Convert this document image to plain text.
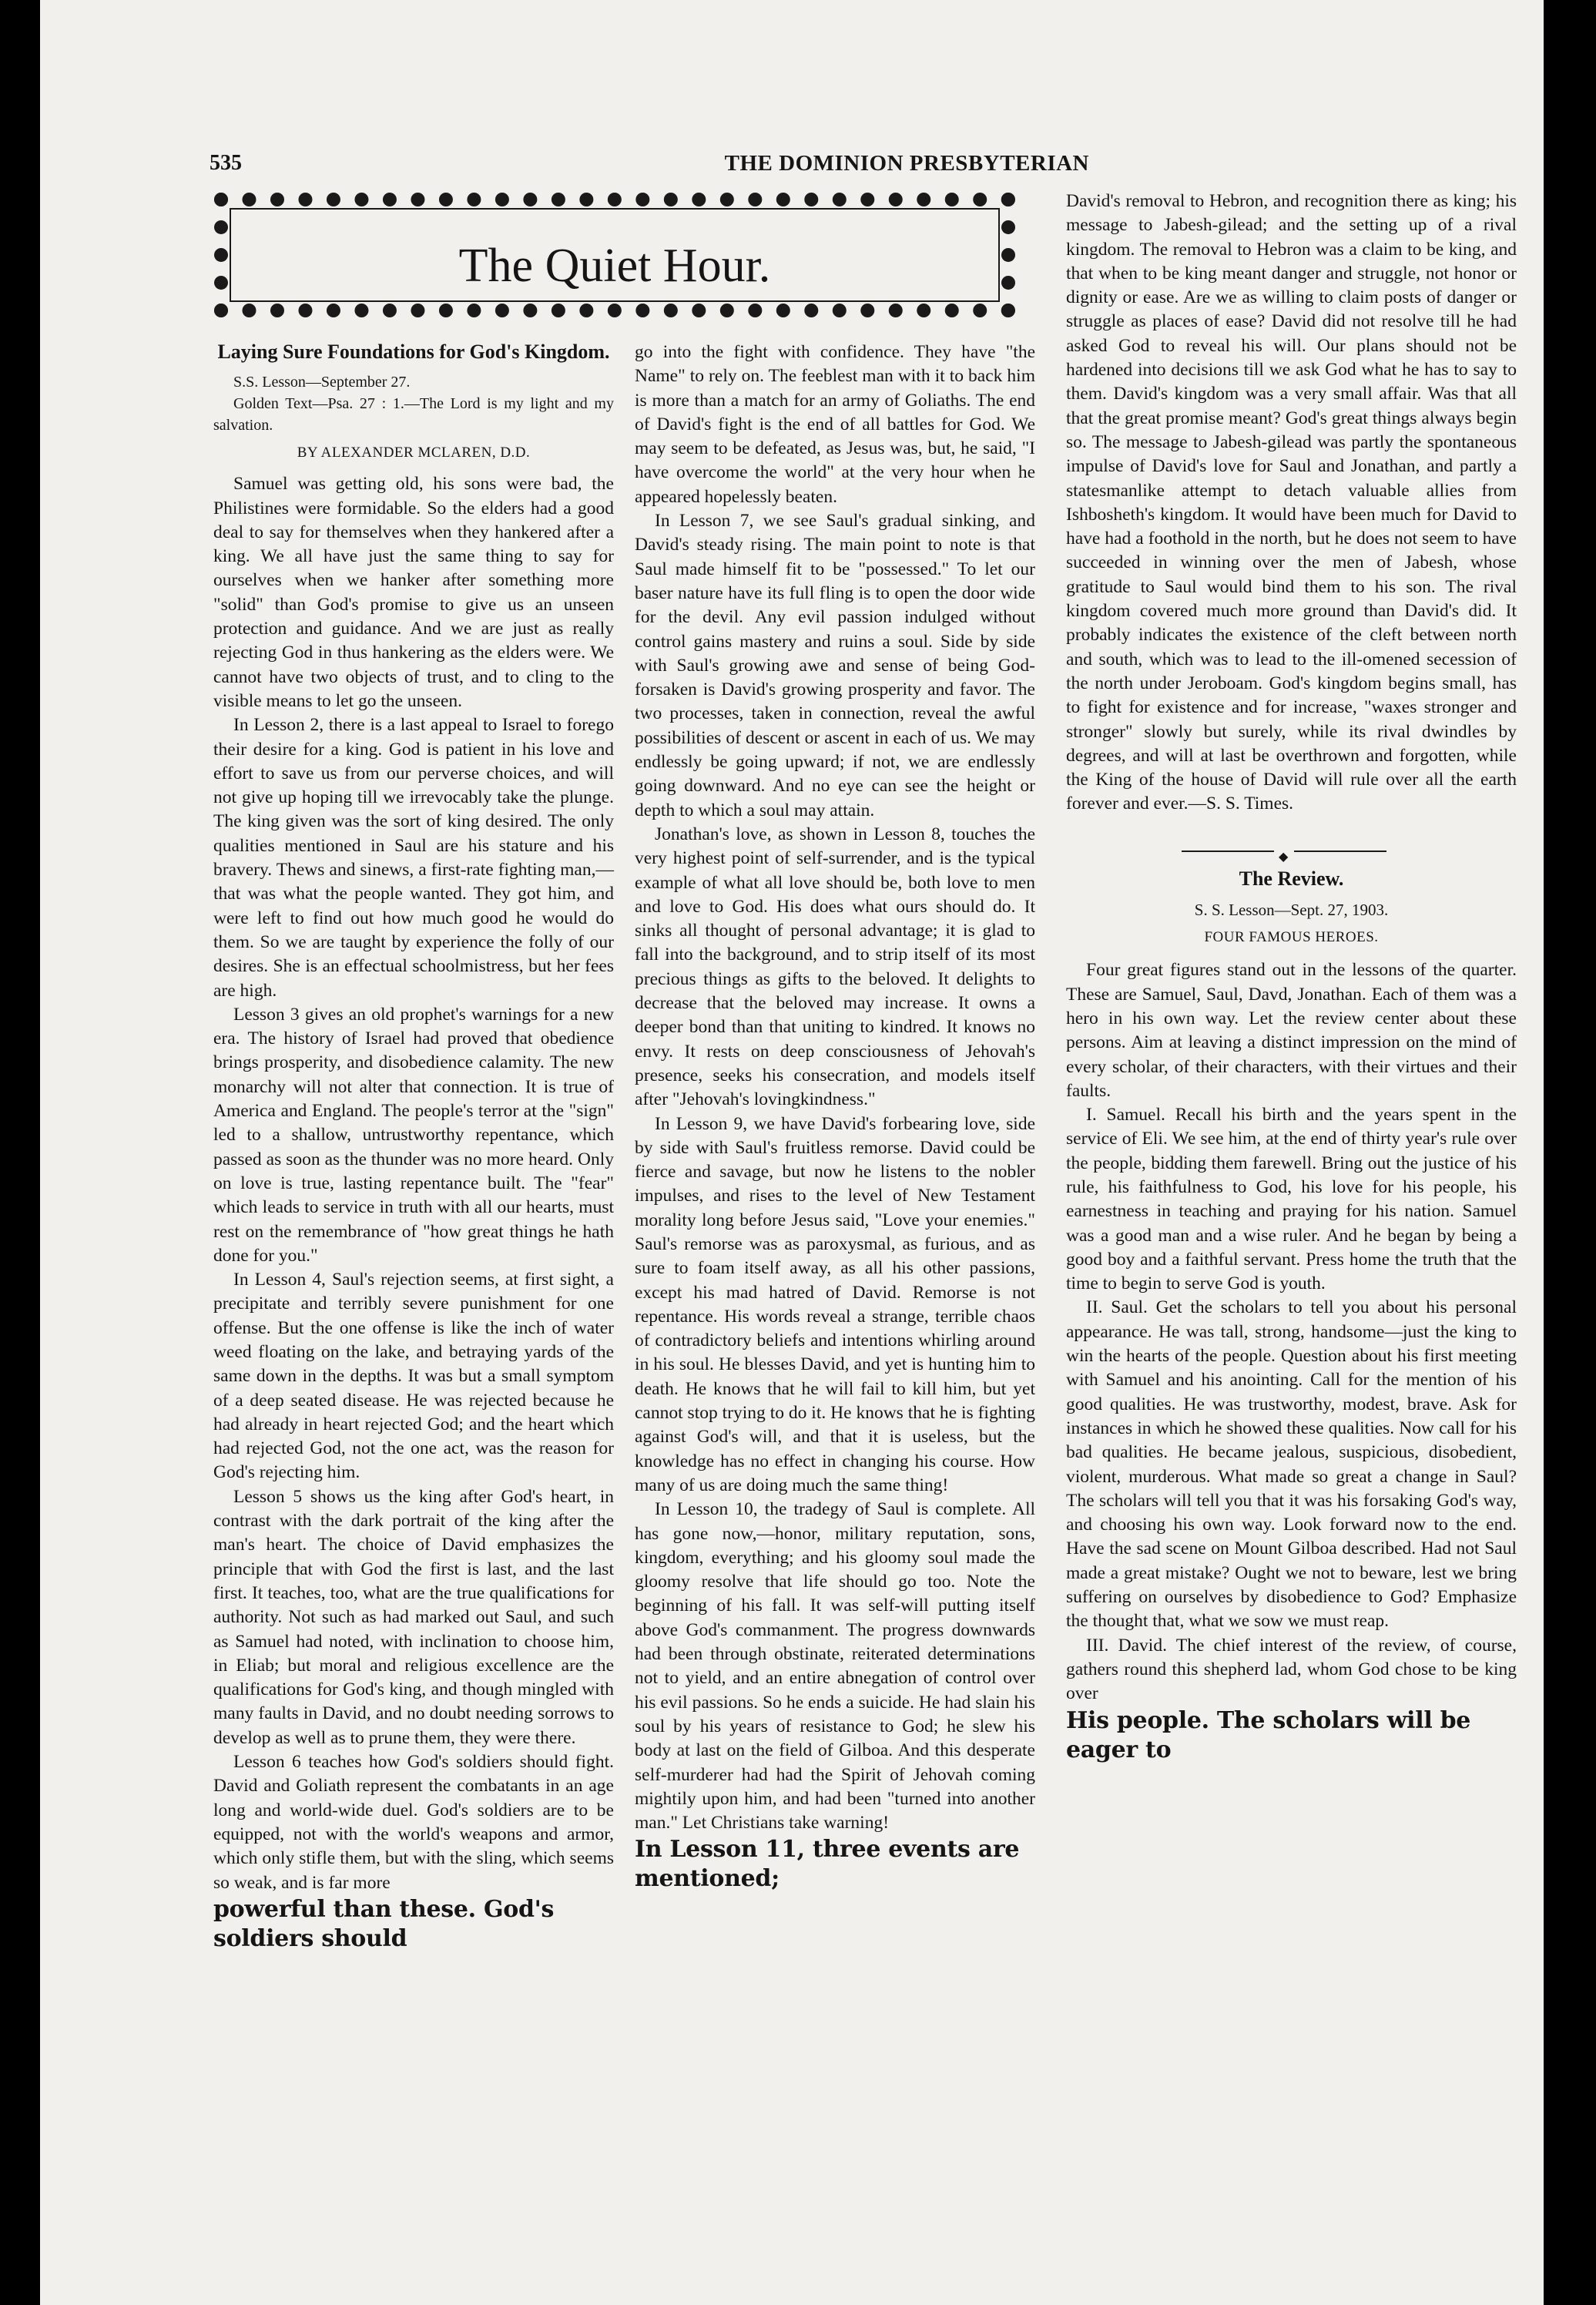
535	THE DOMINION PRESBYTERIAN
The Quiet Hour.
Laying Sure Foundations for God's Kingdom.

S.S. Lesson—September 27.

Golden Text—Psa. 27 : 1.—The Lord is my light and my salvation.

BY ALEXANDER MCLAREN, D.D.

Samuel was getting old, his sons were bad, the Philistines were formidable. So the elders had a good deal to say for themselves when they hankered after a king. We all have just the same thing to say for ourselves when we hanker after something more "solid" than God's promise to give us an unseen protection and guidance. And we are just as really rejecting God in thus hankering as the elders were. We cannot have two objects of trust, and to cling to the visible means to let go the unseen.

In Lesson 2, there is a last appeal to Israel to forego their desire for a king. God is patient in his love and effort to save us from our perverse choices, and will not give up hoping till we irrevocably take the plunge. The king given was the sort of king desired. The only qualities mentioned in Saul are his stature and his bravery. Thews and sinews, a first-rate fighting man,—that was what the people wanted. They got him, and were left to find out how much good he would do them. So we are taught by experience the folly of our desires. She is an effectual schoolmistress, but her fees are high.

Lesson 3 gives an old prophet's warnings for a new era. The history of Israel had proved that obedience brings prosperity, and disobedience calamity. The new monarchy will not alter that connection. It is true of America and England. The people's terror at the "sign" led to a shallow, untrustworthy repentance, which passed as soon as the thunder was no more heard. Only on love is true, lasting repentance built. The "fear" which leads to service in truth with all our hearts, must rest on the remembrance of "how great things he hath done for you."

In Lesson 4, Saul's rejection seems, at first sight, a precipitate and terribly severe punishment for one offense. But the one offense is like the inch of water weed floating on the lake, and betraying yards of the same down in the depths. It was but a small symptom of a deep seated disease. He was rejected because he had already in heart rejected God; and the heart which had rejected God, not the one act, was the reason for God's rejecting him.

Lesson 5 shows us the king after God's heart, in contrast with the dark portrait of the king after the man's heart. The choice of David emphasizes the principle that with God the first is last, and the last first. It teaches, too, what are the true qualifications for authority. Not such as had marked out Saul, and such as Samuel had noted, with inclination to choose him, in Eliab; but moral and religious excellence are the qualifications for God's king, and though mingled with many faults in David, and no doubt needing sorrows to develop as well as to prune them, they were there.

Lesson 6 teaches how God's soldiers should fight. David and Goliath represent the combatants in an age long and world-wide duel. God's soldiers are to be equipped, not with the world's weapons and armor, which only stifle them, but with the sling, which seems so weak, and is far more

powerful than these. God's soldiers should

go into the fight with confidence. They have "the Name" to rely on. The feeblest man with it to back him is more than a match for an army of Goliaths. The end of David's fight is the end of all battles for God. We may seem to be defeated, as Jesus was, but, he said, "I have overcome the world" at the very hour when he appeared hopelessly beaten.

In Lesson 7, we see Saul's gradual sinking, and David's steady rising. The main point to note is that Saul made himself fit to be "possessed." To let our baser nature have its full fling is to open the door wide for the devil. Any evil passion indulged without control gains mastery and ruins a soul. Side by side with Saul's growing awe and sense of being God-forsaken is David's growing prosperity and favor. The two processes, taken in connection, reveal the awful possibilities of descent or ascent in each of us. We may endlessly be going upward; if not, we are endlessly going downward. And no eye can see the height or depth to which a soul may attain.

Jonathan's love, as shown in Lesson 8, touches the very highest point of self-surrender, and is the typical example of what all love should be, both love to men and love to God. His does what ours should do. It sinks all thought of personal advantage; it is glad to fall into the background, and to strip itself of its most precious things as gifts to the beloved. It delights to decrease that the beloved may increase. It owns a deeper bond than that uniting to kindred. It knows no envy. It rests on deep consciousness of Jehovah's presence, seeks his consecration, and models itself after "Jehovah's lovingkindness."

In Lesson 9, we have David's forbearing love, side by side with Saul's fruitless remorse. David could be fierce and savage, but now he listens to the nobler impulses, and rises to the level of New Testament morality long before Jesus said, "Love your enemies." Saul's remorse was as paroxysmal, as furious, and as sure to foam itself away, as all his other passions, except his mad hatred of David. Remorse is not repentance. His words reveal a strange, terrible chaos of contradictory beliefs and intentions whirling around in his soul. He blesses David, and yet is hunting him to death. He knows that he will fail to kill him, but yet cannot stop trying to do it. He knows that he is fighting against God's will, and that it is useless, but the knowledge has no effect in changing his course. How many of us are doing much the same thing!

In Lesson 10, the tradegy of Saul is complete. All has gone now,—honor, military reputation, sons, kingdom, everything; and his gloomy soul made the gloomy resolve that life should go too. Note the beginning of his fall. It was self-will putting itself above God's commanment. The progress downwards had been through obstinate, reiterated determinations not to yield, and an entire abnegation of control over his evil passions. So he ends a suicide. He had slain his soul by his years of resistance to God; he slew his body at last on the field of Gilboa. And this desperate self-murderer had had the Spirit of Jehovah coming mightily upon him, and had been "turned into another man." Let Christians take warning!

In Lesson 11, three events are mentioned;

David's removal to Hebron, and recognition there as king; his message to Jabesh-gilead; and the setting up of a rival kingdom. The removal to Hebron was a claim to be king, and that when to be king meant danger and struggle, not honor or dignity or ease. Are we as willing to claim posts of danger or struggle as places of ease? David did not resolve till he had asked God to reveal his will. Our plans should not be hardened into decisions till we ask God what he has to say to them. David's kingdom was a very small affair. Was that all that the great promise meant? God's great things always begin so. The message to Jabesh-gilead was partly the spontaneous impulse of David's love for Saul and Jonathan, and partly a statesmanlike attempt to detach valuable allies from Ishbosheth's kingdom. It would have been much for David to have had a foothold in the north, but he does not seem to have succeeded in winning over the men of Jabesh, whose gratitude to Saul would bind them to his son. The rival kingdom covered much more ground than David's did. It probably indicates the existence of the cleft between north and south, which was to lead to the ill-omened secession of the north under Jeroboam. God's kingdom begins small, has to fight for existence and for increase, "waxes stronger and stronger" slowly but surely, while its rival dwindles by degrees, and will at last be overthrown and forgotten, while the King of the house of David will rule over all the earth forever and ever.—S. S. Times.

◆
The Review.
S. S. Lesson—Sept. 27, 1903.
FOUR FAMOUS HEROES.

Four great figures stand out in the lessons of the quarter. These are Samuel, Saul, Davd, Jonathan. Each of them was a hero in his own way. Let the review center about these persons. Aim at leaving a distinct impression on the mind of every scholar, of their characters, with their virtues and their faults.

I. Samuel. Recall his birth and the years spent in the service of Eli. We see him, at the end of thirty year's rule over the people, bidding them farewell. Bring out the justice of his rule, his faithfulness to God, his love for his people, his earnestness in teaching and praying for his nation. Samuel was a good man and a wise ruler. And he began by being a good boy and a faithful servant. Press home the truth that the time to begin to serve God is youth.

II. Saul. Get the scholars to tell you about his personal appearance. He was tall, strong, handsome—just the king to win the hearts of the people. Question about his first meeting with Samuel and his anointing. Call for the mention of his good qualities. He was trustworthy, modest, brave. Ask for instances in which he showed these qualities. Now call for his bad qualities. He became jealous, suspicious, disobedient, violent, murderous. What made so great a change in Saul? The scholars will tell you that it was his forsaking God's way, and choosing his own way. Look forward now to the end. Have the sad scene on Mount Gilboa described. Had not Saul made a great mistake? Ought we not to beware, lest we bring suffering on ourselves by disobedience to God? Emphasize the thought that, what we sow we must reap.

III. David. The chief interest of the review, of course, gathers round this shepherd lad, whom God chose to be king over

His people. The scholars will be eager to
